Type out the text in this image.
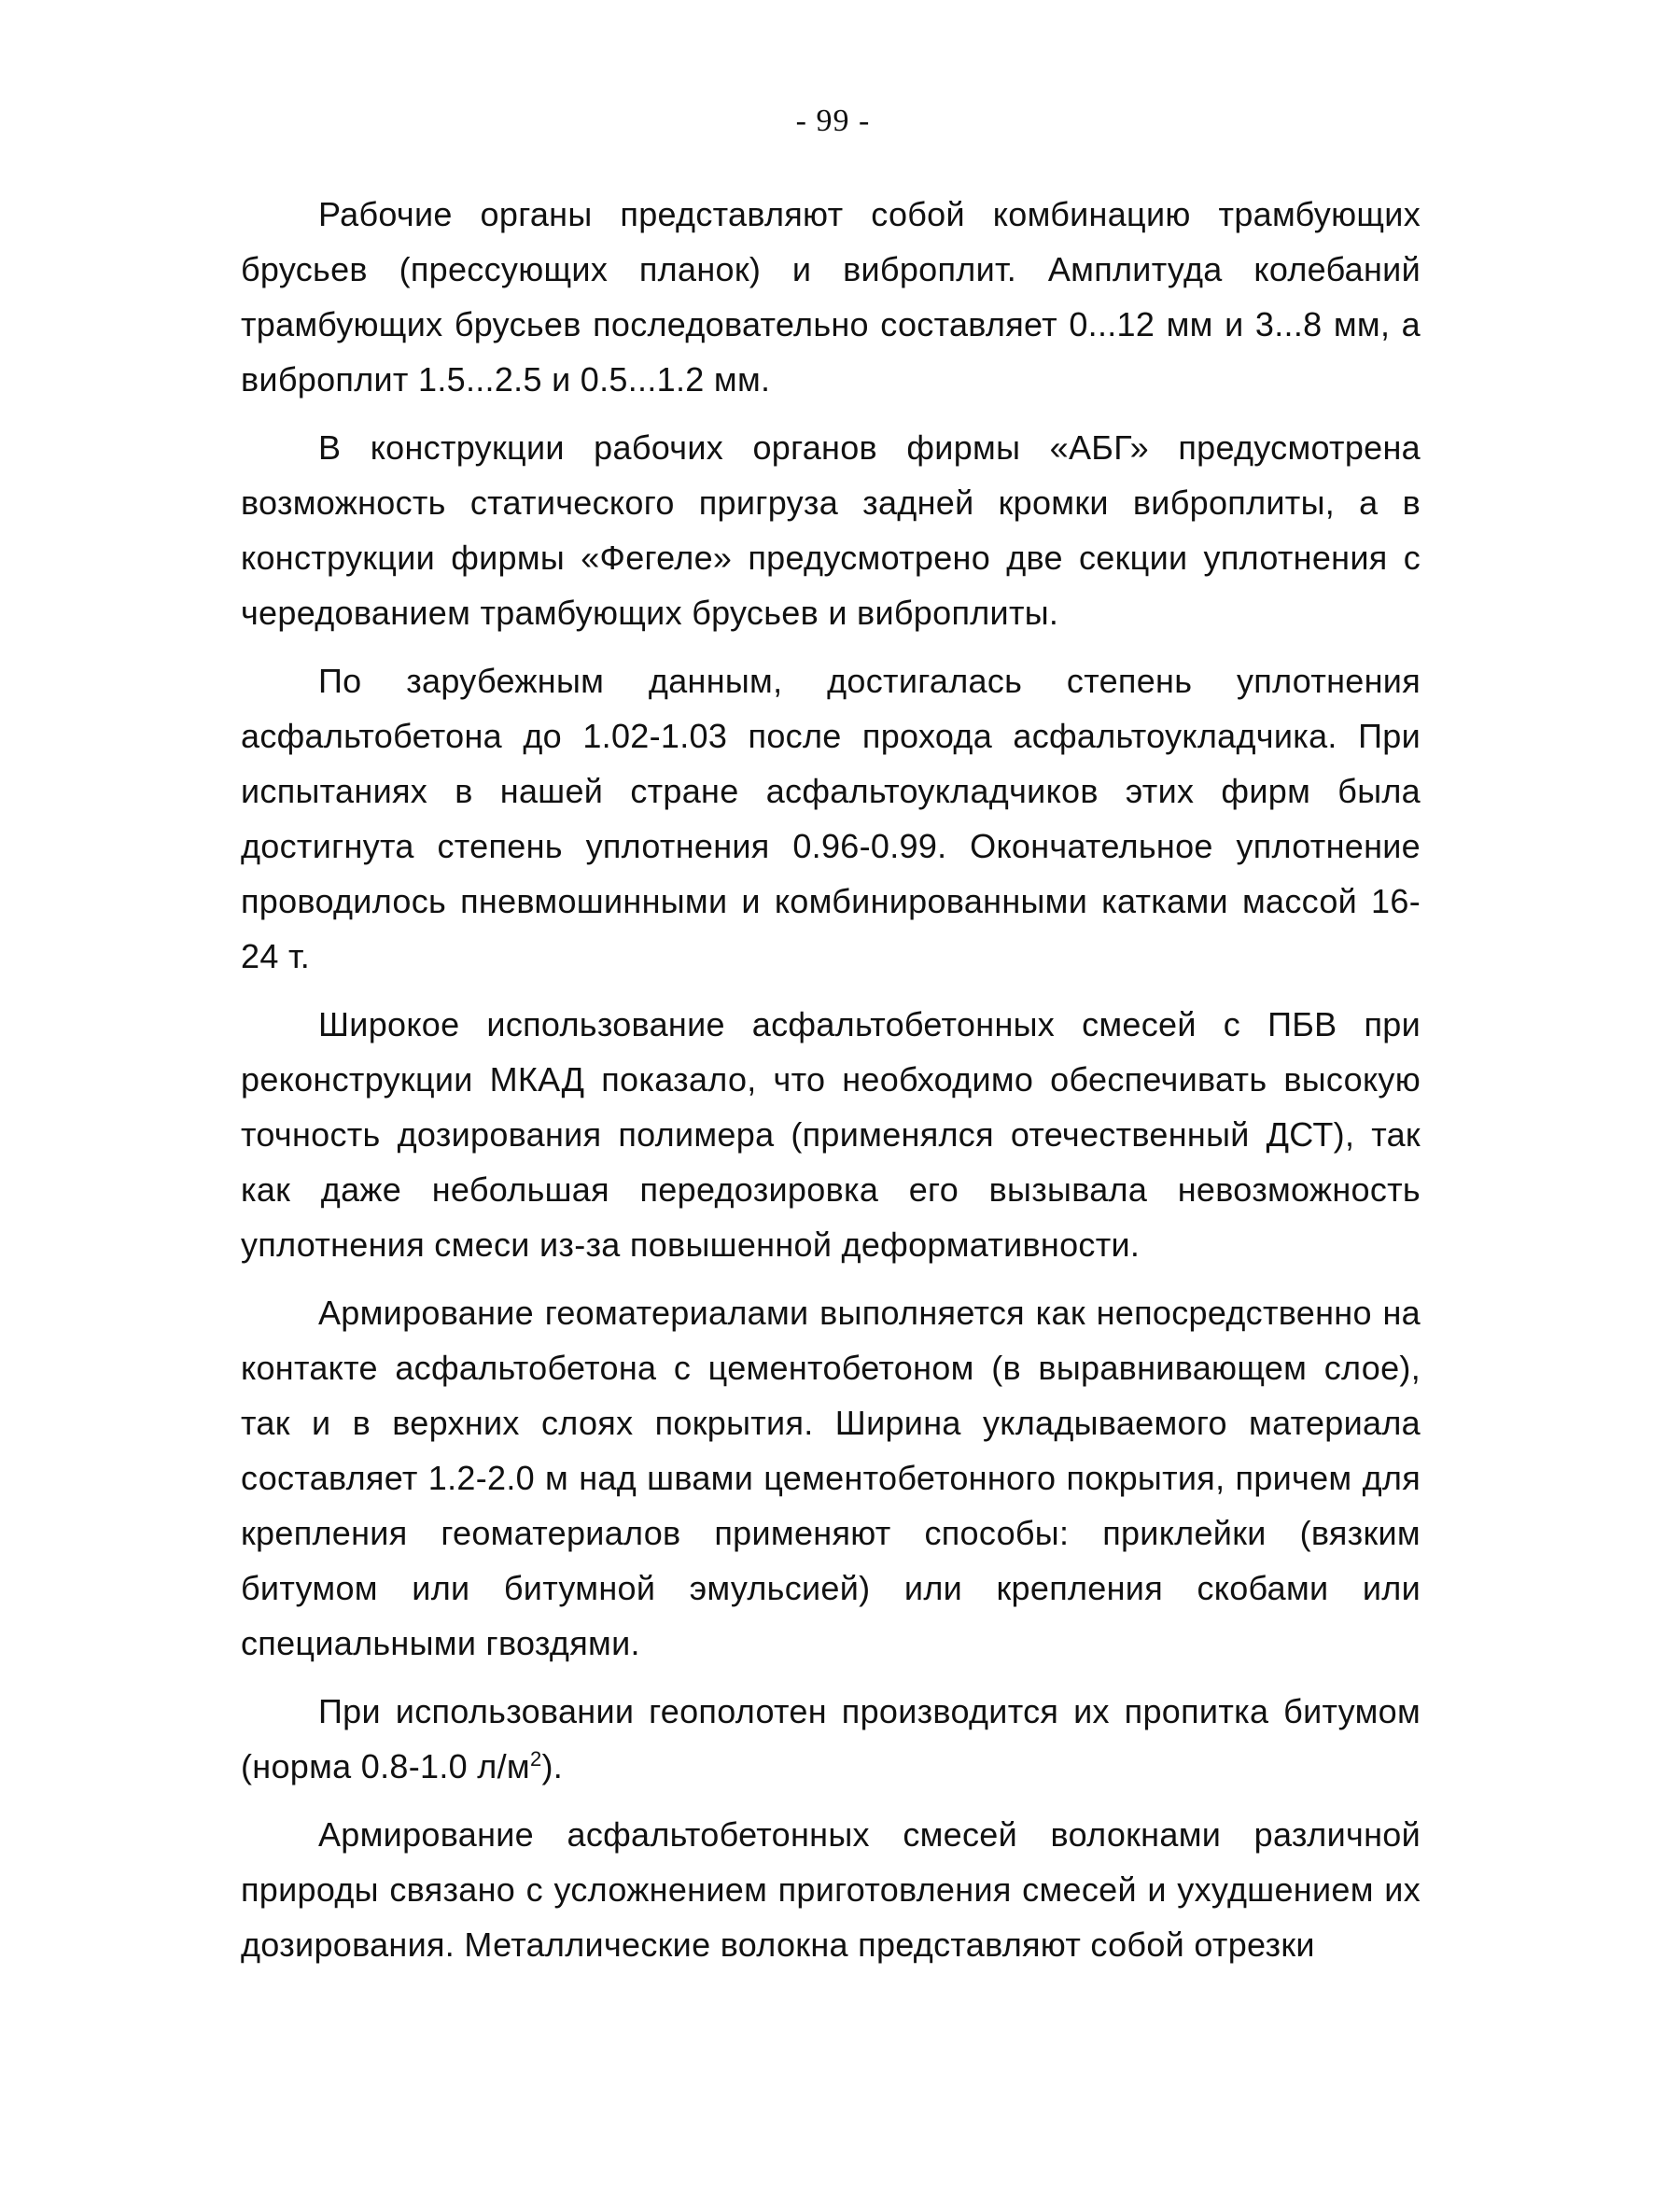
- 99 -

Рабочие органы представляют собой комбинацию трамбующих брусьев (прессующих планок) и виброплит. Амплитуда колебаний трамбующих брусьев последовательно составляет 0...12 мм и 3...8 мм, а виброплит 1.5...2.5 и 0.5...1.2 мм.

В конструкции рабочих органов фирмы «АБГ» предусмотрена возможность статического пригруза задней кромки виброплиты, а в конструкции фирмы «Фегеле» предусмотрено две секции уплотнения с чередованием трамбующих брусьев и виброплиты.

По зарубежным данным, достигалась степень уплотнения асфальтобетона до 1.02-1.03 после прохода асфальтоукладчика. При испытаниях в нашей стране асфальтоукладчиков этих фирм была достигнута степень уплотнения 0.96-0.99. Окончательное уплотнение проводилось пневмошинными и комбинированными катками массой 16-24 т.

Широкое использование асфальтобетонных смесей с ПБВ при реконструкции МКАД показало, что необходимо обеспечивать высокую точность дозирования полимера (применялся отечественный ДСТ), так как даже небольшая передозировка его вызывала невозможность уплотнения смеси из-за повышенной деформативности.

Армирование геоматериалами выполняется как непосредственно на контакте асфальтобетона с цементобетоном (в выравнивающем слое), так и в верхних слоях покрытия. Ширина укладываемого материала составляет 1.2-2.0 м над швами цементобетонного покрытия, причем для крепления геоматериалов применяют способы: приклейки (вязким битумом или битумной эмульсией) или крепления скобами или специальными гвоздями.

При использовании геополотен производится их пропитка битумом (норма 0.8-1.0 $л/м^2$).

Армирование асфальтобетонных смесей волокнами различной природы связано с усложнением приготовления смесей и ухудшением их дозирования. Металлические волокна представляют собой отрезки
